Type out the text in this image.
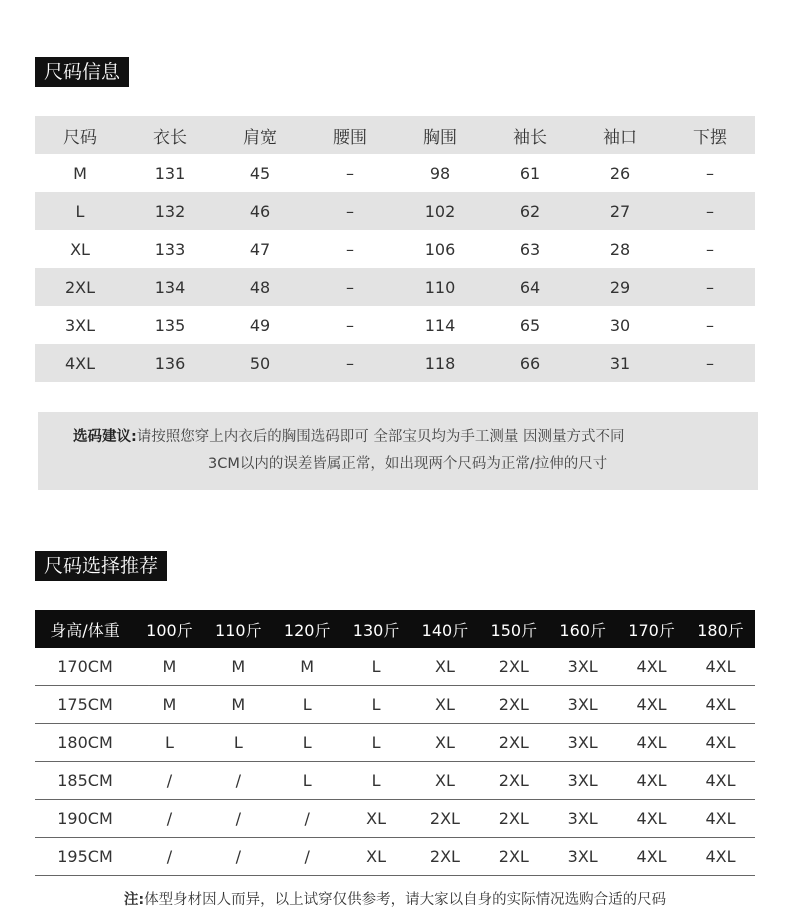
尺码信息
尺码	衣长	肩宽	腰围	胸围	袖长	袖口	下摆
M	131	45	–	98	61	26	–
L	132	46	–	102	62	27	–
XL	133	47	–	106	63	28	–
2XL	134	48	–	110	64	29	–
3XL	135	49	–	114	65	30	–
4XL	136	50	–	118	66	31	–
选码建议:请按照您穿上内衣后的胸围选码即可 全部宝贝均为手工测量 因测量方式不同
3CM以内的误差皆属正常，如出现两个尺码为正常/拉伸的尺寸
尺码选择推荐
身高/体重	100斤	110斤	120斤	130斤	140斤	150斤	160斤	170斤	180斤
170CM	M	M	M	L	XL	2XL	3XL	4XL	4XL
175CM	M	M	L	L	XL	2XL	3XL	4XL	4XL
180CM	L	L	L	L	XL	2XL	3XL	4XL	4XL
185CM	/	/	L	L	XL	2XL	3XL	4XL	4XL
190CM	/	/	/	XL	2XL	2XL	3XL	4XL	4XL
195CM	/	/	/	XL	2XL	2XL	3XL	4XL	4XL
注:体型身材因人而异，以上试穿仅供参考，请大家以自身的实际情况选购合适的尺码
